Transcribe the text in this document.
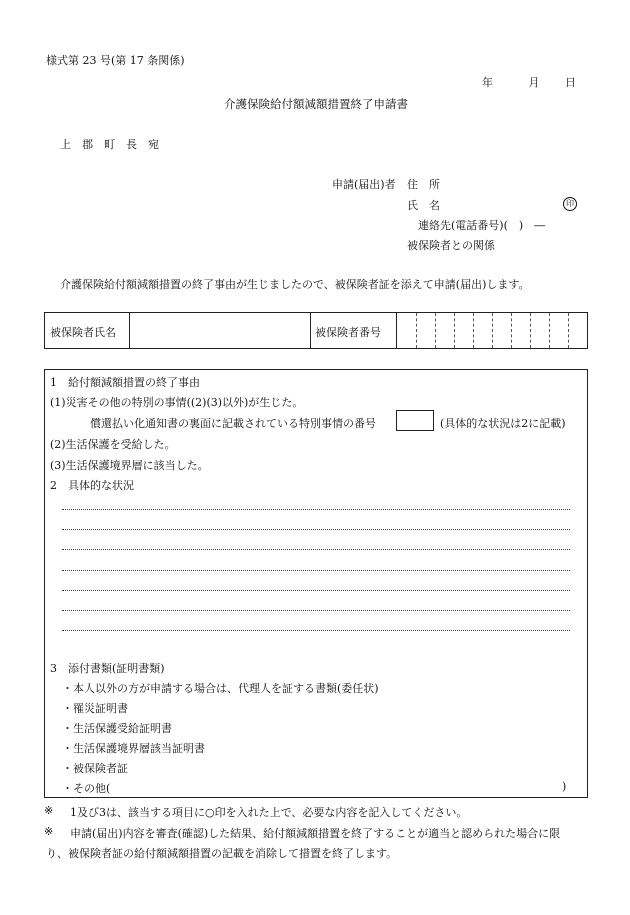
様式第 23 号(第 17 条関係)
年	月 日
介護保険給付額減額措置終了申請書
上　郡　町　長　宛
申請(届出)者 住　所
氏　名	印
連絡先(電話番号)(　)　―
被保険者との関係
介護保険給付額減額措置の終了事由が生じましたので、被保険者証を添えて申請(届出)します。
被保険者氏名	被保険者番号
1　給付額減額措置の終了事由
(1)災害その他の特別の事情((2)(3)以外)が生じた。
償還払い化通知書の裏面に記載されている特別事情の番号	(具体的な状況は2に記載)
(2)生活保護を受給した。
(3)生活保護境界層に該当した。
2　具体的な状況
3　添付書類(証明書類)
・本人以外の方が申請する場合は、代理人を証する書類(委任状)
・罹災証明書
・生活保護受給証明書
・生活保護境界層該当証明書
・被保険者証
・その他(	)
※ 1及び3は、該当する項目に○印を入れた上で、必要な内容を記入してください。
※ 申請(届出)内容を審査(確認)した結果、給付額減額措置を終了することが適当と認められた場合に限
り、被保険者証の給付額減額措置の記載を消除して措置を終了します。
